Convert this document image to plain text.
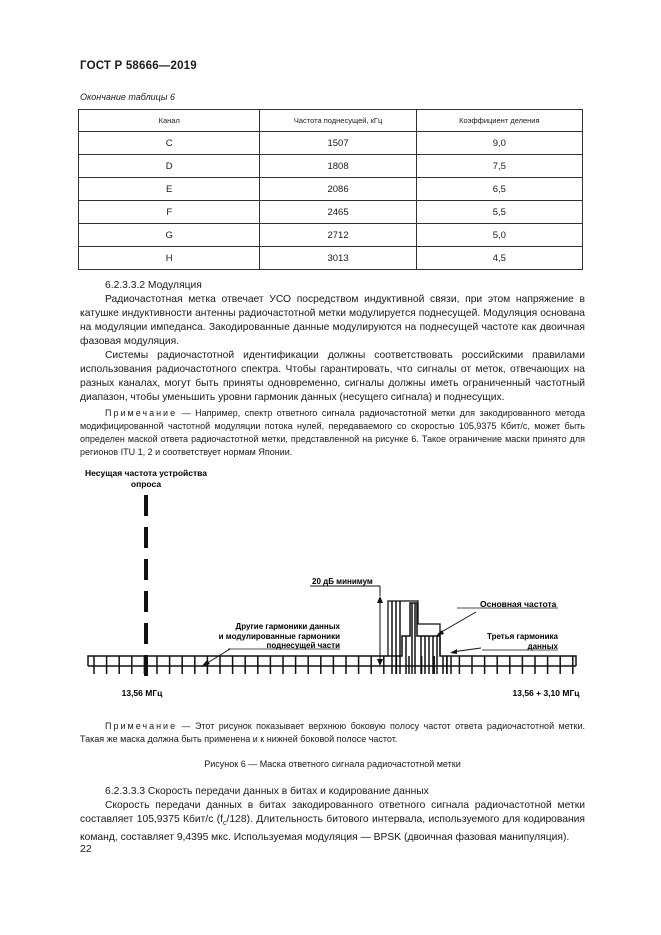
ГОСТ Р 58666—2019
Окончание таблицы 6
Канал	Частота поднесущей, кГц	Коэффициент деления
C	1507	9,0
D	1808	7,5
E	2086	6,5
F	2465	5,5
G	2712	5,0
H	3013	4,5
6.2.3.3.2 Модуляция
Радиочастотная метка отвечает УСО посредством индуктивной связи, при этом напряжение в катушке индуктивности антенны радиочастотной метки модулируется поднесущей. Модуляция основана на модуляции импеданса. Закодированные данные модулируются на поднесущей частоте как двоичная фазовая модуляция.
Системы радиочастотной идентификации должны соответствовать российскими правилами использования радиочастотного спектра. Чтобы гарантировать, что сигналы от меток, отвечающих на разных каналах, могут быть приняты одновременно, сигналы должны иметь ограниченный частотный диапазон, чтобы уменьшить уровни гармоник данных (несущего сигнала) и поднесущих.
Примечание — Например, спектр ответного сигнала радиочастотной метки для закодированного метода модифицированной частотной модуляции потока нулей, передаваемого со скоростью 105,9375 Кбит/с, может быть определен маской ответа радиочастотной метки, представленной на рисунке 6. Такое ограничение маски принято для регионов ITU 1, 2 и соответствует нормам Японии.
Несущая частота устройства
опроса
20 дБ минимум
Основная частота
Третья гармоника
данных
Другие гармоники данных
и модулированные гармоники
поднесущей части
13,56 МГц	13,56 + 3,10 МГц
Примечание — Этот рисунок показывает верхнюю боковую полосу частот ответа радиочастотной метки. Такая же маска должна быть применена и к нижней боковой полосе частот.
Рисунок 6 — Маска ответного сигнала радиочастотной метки
6.2.3.3.3 Скорость передачи данных в битах и кодирование данных
Скорость передачи данных в битах закодированного ответного сигнала радиочастотной метки составляет 105,9375 Кбит/с $(f_c/128)$. Длительность битового интервала, используемого для кодирования команд, составляет 9,4395 мкс. Используемая модуляция — BPSK (двоичная фазовая манипуляция).
22
